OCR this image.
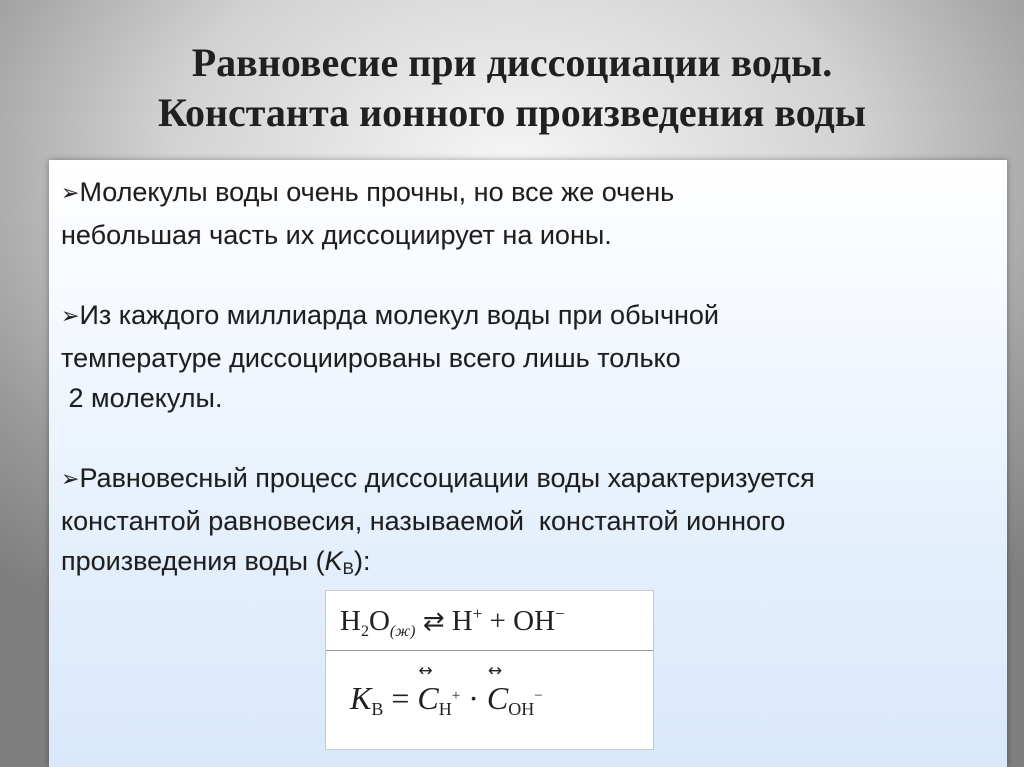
Равновесие при диссоциации воды.
Константа ионного произведения воды
➢Молекулы воды очень прочны, но все же очень
небольшая часть их диссоциирует на ионы.
➢Из каждого миллиарда молекул воды при обычной
температуре диссоциированы всего лишь только
2 молекулы.
➢Равновесный процесс диссоциации воды характеризуется
константой равновесия, называемой  константой ионного
произведения воды $(K_В)$:
$H_2O_{(ж)}$ ⇄ H+ + OH−
$K_В$ =
↔
$C_H^+$ ·
↔
$C_{OH}^-$
